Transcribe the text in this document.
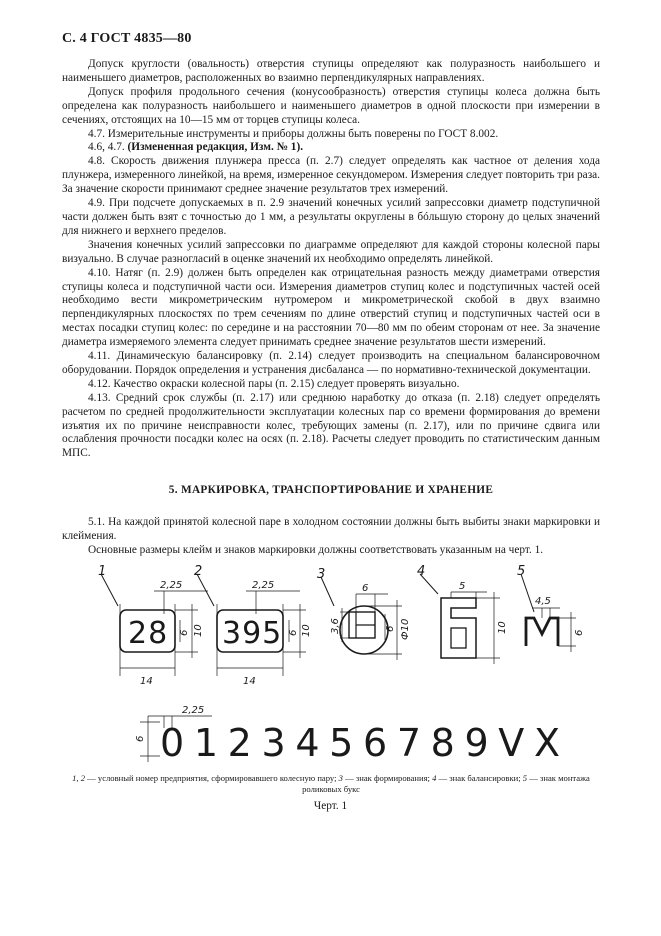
С. 4 ГОСТ 4835—80

Допуск круглости (овальность) отверстия ступицы определяют как полуразность наибольшего и наименьшего диаметров, расположенных во взаимно перпендикулярных направлениях.

Допуск профиля продольного сечения (конусообразность) отверстия ступицы колеса должна быть определена как полуразность наибольшего и наименьшего диаметров в одной плоскости при измерении в сечениях, отстоящих на 10—15 мм от торцев ступицы колеса.

4.7. Измерительные инструменты и приборы должны быть поверены по ГОСТ 8.002.

4.6, 4.7. (Измененная редакция, Изм. № 1).

4.8. Скорость движения плунжера пресса (п. 2.7) следует определять как частное от деления хода плунжера, измеренного линейкой, на время, измеренное секундомером. Измерения следует повторить три раза. За значение скорости принимают среднее значение результатов трех измерений.

4.9. При подсчете допускаемых в п. 2.9 значений конечных усилий запрессовки диаметр подступичной части должен быть взят с точностью до 1 мм, а результаты округлены в бóльшую сторону до целых значений для нижнего и верхнего пределов.

Значения конечных усилий запрессовки по диаграмме определяют для каждой стороны колесной пары визуально. В случае разногласий в оценке значений их необходимо определять линейкой.

4.10. Натяг (п. 2.9) должен быть определен как отрицательная разность между диаметрами отверстия ступицы колеса и подступичной части оси. Измерения диаметров ступиц колес и подступичных частей осей необходимо вести микрометрическим нутромером и микрометрической скобой в двух взаимно перпендикулярных плоскостях по трем сечениям по длине отверстий ступиц и подступичных частей оси в местах посадки ступиц колес: по середине и на расстоянии 70—80 мм по обеим сторонам от нее. За значение диаметра измеряемого элемента следует принимать среднее значение результатов шести измерений.

4.11. Динамическую балансировку (п. 2.14) следует производить на специальном балансировочном оборудовании. Порядок определения и устранения дисбаланса — по нормативно-технической документации.

4.12. Качество окраски колесной пары (п. 2.15) следует проверять визуально.

4.13. Средний срок службы (п. 2.17) или среднюю наработку до отказа (п. 2.18) следует определять расчетом по средней продолжительности эксплуатации колесных пар со времени формирования до времени изъятия их по причине неисправности колес, требующих замены (п. 2.17), или по причине сдвига или ослабления прочности посадки колес на осях (п. 2.18). Расчеты следует проводить по статистическим данным МПС.

5. МАРКИРОВКА, ТРАНСПОРТИРОВАНИЕ И ХРАНЕНИЕ

5.1. На каждой принятой колесной паре в холодном состоянии должны быть выбиты знаки маркировки и клеймения.

Основные размеры клейм и знаков маркировки должны соответствовать указанным на черт. 1.

1	2	3	4	5
28 395
2,25	2,25
14	14
6 10	6 10
6
3,6	6 Ф10
5
10
4,5
6
2,25
6 0 1 2 3 4 5 6 7 8 9 V X
1, 2 — условный номер предприятия, сформировавшего колесную пару; 3 — знак формирования; 4 — знак балансировки; 5 — знак монтажа роликовых букс
Черт. 1
